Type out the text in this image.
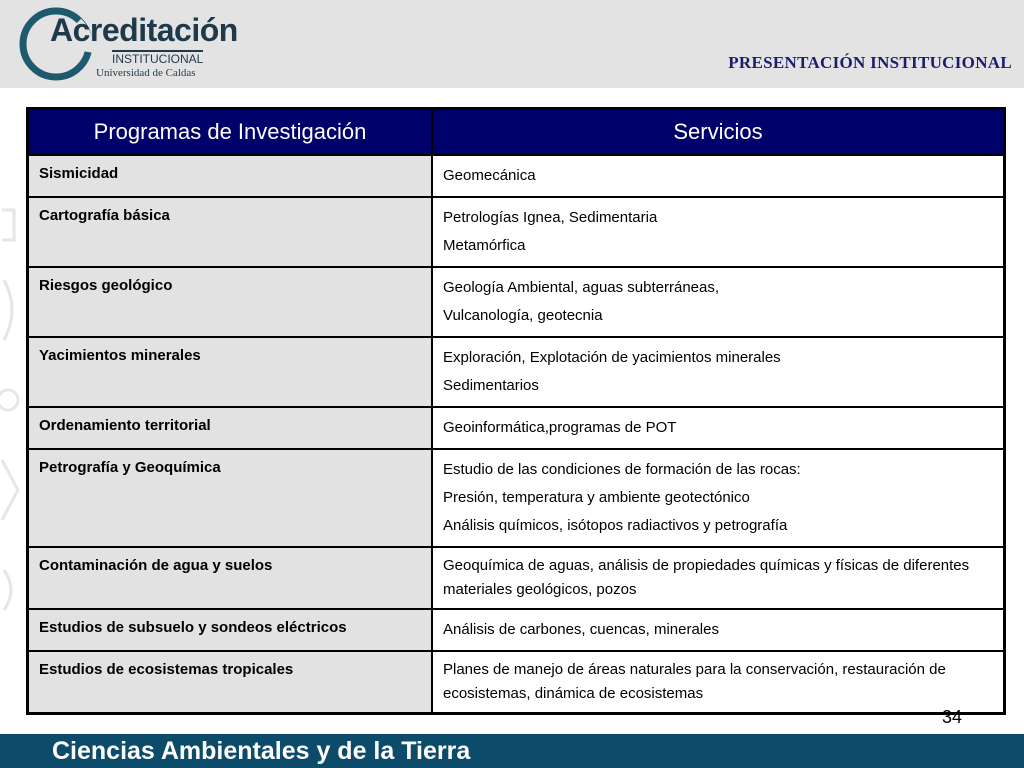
Acreditación
INSTITUCIONAL
Universidad de Caldas
PRESENTACIÓN INSTITUCIONAL
Programas de Investigación	Servicios
Sismicidad	Geomecánica

Cartografía básica	Petrologías Ignea, Sedimentaria
Metamórfica

Riesgos geológico	Geología Ambiental, aguas subterráneas,
Vulcanología, geotecnia

Yacimientos minerales	Exploración, Explotación de yacimientos minerales
Sedimentarios

Ordenamiento territorial	Geoinformática,programas de POT

Petrografía y Geoquímica	Estudio de las condiciones de formación de las rocas:
Presión, temperatura y ambiente geotectónico
Análisis químicos, isótopos radiactivos y petrografía

Contaminación de agua y suelos	Geoquímica de aguas, análisis de propiedades químicas y físicas de diferentes materiales geológicos, pozos

Estudios de subsuelo y sondeos eléctricos	Análisis de carbones, cuencas, minerales

Estudios de ecosistemas tropicales	Planes de manejo de áreas naturales para la conservación, restauración de ecosistemas, dinámica de ecosistemas
34
Ciencias Ambientales y de la Tierra
